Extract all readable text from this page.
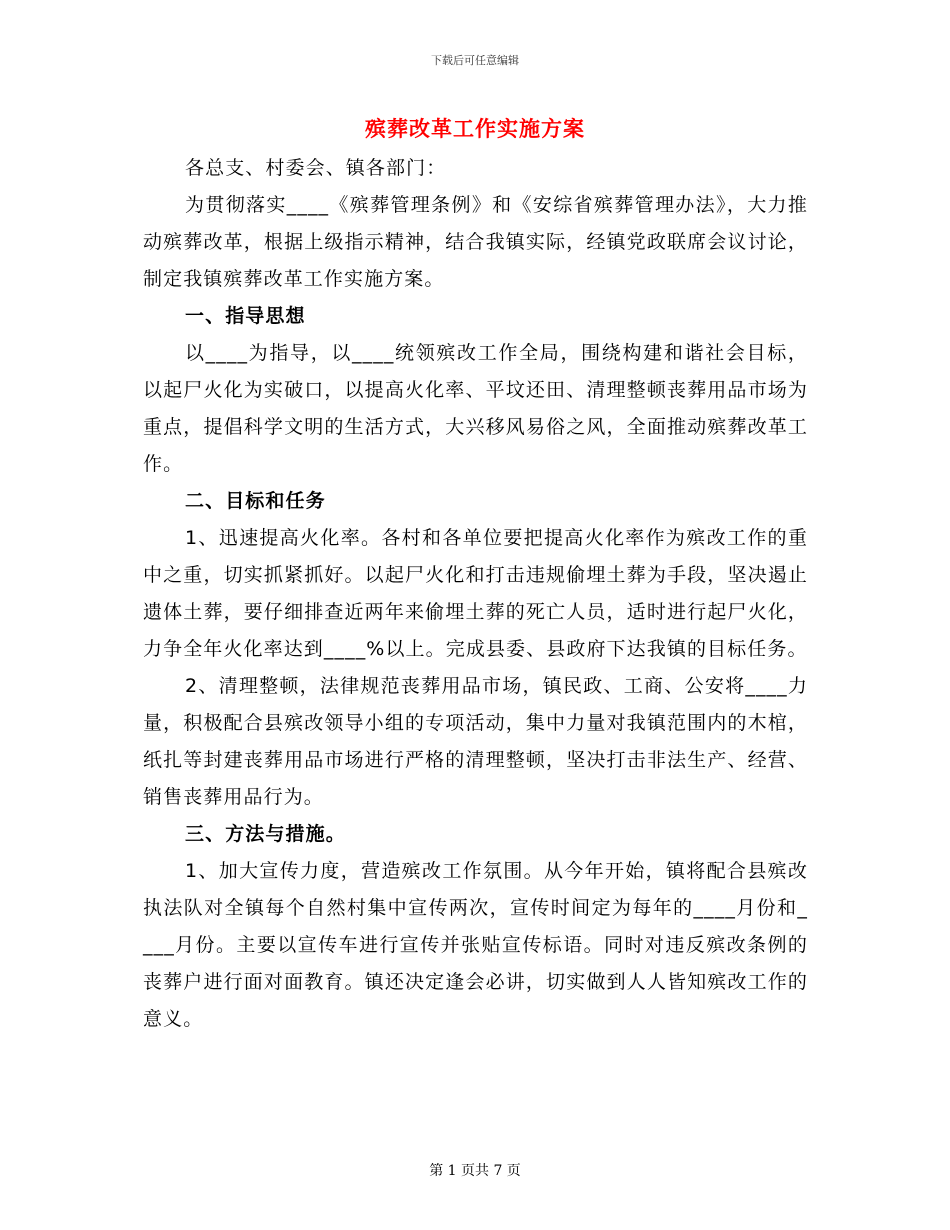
下载后可任意编辑
殡葬改革工作实施方案

各总支、村委会、镇各部门：

为贯彻落实____《殡葬管理条例》和《安综省殡葬管理办法》，大力推动殡葬改革，根据上级指示精神，结合我镇实际，经镇党政联席会议讨论，制定我镇殡葬改革工作实施方案。

一、指导思想

以____为指导，以____统领殡改工作全局，围绕构建和谐社会目标，以起尸火化为实破口，以提高火化率、平坟还田、清理整顿丧葬用品市场为重点，提倡科学文明的生活方式，大兴移风易俗之风，全面推动殡葬改革工作。

二、目标和任务

1、迅速提高火化率。各村和各单位要把提高火化率作为殡改工作的重中之重，切实抓紧抓好。以起尸火化和打击违规偷埋土葬为手段，坚决遏止遗体土葬，要仔细排查近两年来偷埋土葬的死亡人员，适时进行起尸火化，力争全年火化率达到____%以上。完成县委、县政府下达我镇的目标任务。

2、清理整顿，法律规范丧葬用品市场，镇民政、工商、公安将____力量，积极配合县殡改领导小组的专项活动，集中力量对我镇范围内的木棺，纸扎等封建丧葬用品市场进行严格的清理整顿，坚决打击非法生产、经营、销售丧葬用品行为。

三、方法与措施。

1、加大宣传力度，营造殡改工作氛围。从今年开始，镇将配合县殡改执法队对全镇每个自然村集中宣传两次，宣传时间定为每年的____月份和____月份。主要以宣传车进行宣传并张贴宣传标语。同时对违反殡改条例的丧葬户进行面对面教育。镇还决定逢会必讲，切实做到人人皆知殡改工作的意义。

第 1 页共 7 页
